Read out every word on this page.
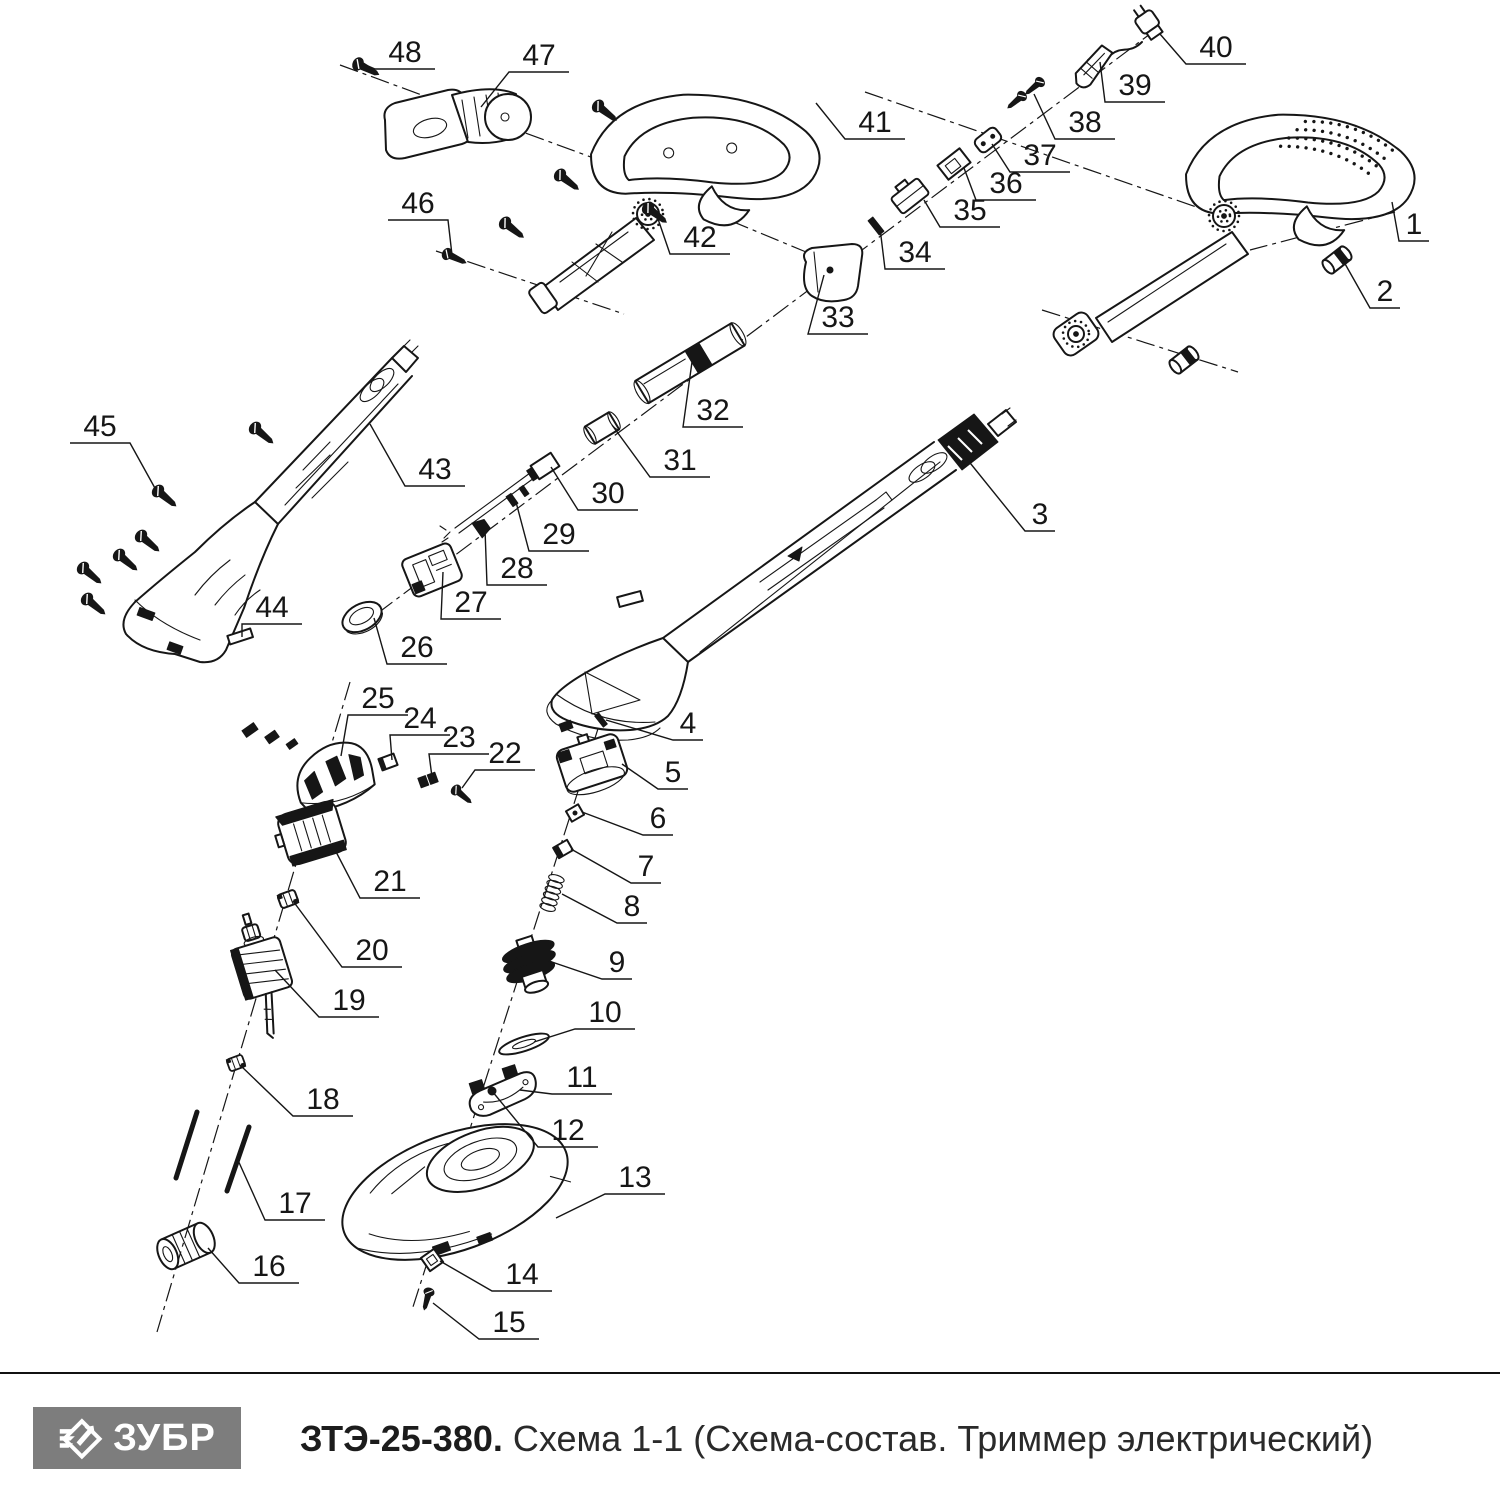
1
2
3
4
5
6
7
8
9
10
11
12
13
14
15
16
17
18
19
20
21
22
23
24
25
26
27
28
29
30
31
32
33
34
35
36
37
38
39
40
41
42
43
44
45
46
47
48
ЗУБР ЗТЭ-25-380. Схема 1-1 (Схема-состав. Триммер электрический)
